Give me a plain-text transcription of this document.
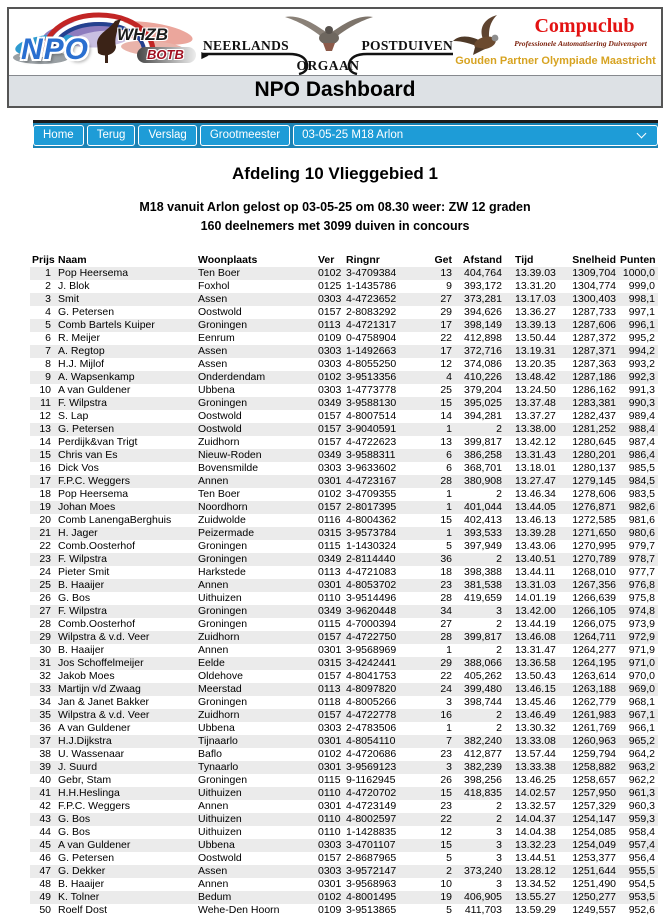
NPO WHZB
BOTB	►
NEERLANDS	POSTDUIVEN
ORGAAN
Compuclub
Professionele Automatisering Duivensport
Gouden Partner Olympiade Maastricht
NPO Dashboard
Home	Terug	Verslag	Grootmeester	03-05-25 M18 Arlon
Afdeling 10 Vlieggebied 1
M18 vanuit Arlon gelost op 03-05-25 om 08.30 weer: ZW 12 graden
160 deelnemers met 3099 duiven in concours
Prijs	Naam	Woonplaats	Ver	Ringnr	Get	Afstand	Tijd	Snelheid	Punten
1	Pop Heersema	Ten Boer	0102	3-4709384	13	404,764	13.39.03	1309,704	1000,0
2	J. Blok	Foxhol	0125	1-1435786	9	393,172	13.31.20	1304,774	999,0
3	Smit	Assen	0303	4-4723652	27	373,281	13.17.03	1300,403	998,1
4	G. Petersen	Oostwold	0157	2-8083292	29	394,626	13.36.27	1287,733	997,1
5	Comb Bartels Kuiper	Groningen	0113	4-4721317	17	398,149	13.39.13	1287,606	996,1
6	R. Meijer	Eenrum	0109	0-4758904	22	412,898	13.50.44	1287,372	995,2
7	A. Regtop	Assen	0303	1-1492663	17	372,716	13.19.31	1287,371	994,2
8	H.J. Mijlof	Assen	0303	4-8055250	12	374,086	13.20.35	1287,363	993,2
9	A. Wapsenkamp	Onderdendam	0102	3-9513356	4	410,226	13.48.42	1287,186	992,3
10	A van Guldener	Ubbena	0303	1-4773778	25	379,204	13.24.50	1286,162	991,3
11	F. Wilpstra	Groningen	0349	3-9588130	15	395,025	13.37.48	1283,381	990,3
12	S. Lap	Oostwold	0157	4-8007514	14	394,281	13.37.27	1282,437	989,4
13	G. Petersen	Oostwold	0157	3-9040591	1	2	13.38.00	1281,252	988,4
14	Perdijk&van Trigt	Zuidhorn	0157	4-4722623	13	399,817	13.42.12	1280,645	987,4
15	Chris van Es	Nieuw-Roden	0349	3-9588311	6	386,258	13.31.43	1280,201	986,4
16	Dick Vos	Bovensmilde	0303	3-9633602	6	368,701	13.18.01	1280,137	985,5
17	F.P.C. Weggers	Annen	0301	4-4723167	28	380,908	13.27.47	1279,145	984,5
18	Pop Heersema	Ten Boer	0102	3-4709355	1	2	13.46.34	1278,606	983,5
19	Johan Moes	Noordhorn	0157	2-8017395	1	401,044	13.44.05	1276,871	982,6
20	Comb LanengaBerghuis	Zuidwolde	0116	4-8004362	15	402,413	13.46.13	1272,585	981,6
21	H. Jager	Peizermade	0315	3-9573784	1	393,533	13.39.28	1271,650	980,6
22	Comb.Oosterhof	Groningen	0115	1-1430324	5	397,949	13.43.06	1270,995	979,7
23	F. Wilpstra	Groningen	0349	2-8114440	36	2	13.40.51	1270,789	978,7
24	Pieter Smit	Harkstede	0113	4-4721083	18	398,388	13.44.11	1268,010	977,7
25	B. Haaijer	Annen	0301	4-8053702	23	381,538	13.31.03	1267,356	976,8
26	G. Bos	Uithuizen	0110	3-9514496	28	419,659	14.01.19	1266,639	975,8
27	F. Wilpstra	Groningen	0349	3-9620448	34	3	13.42.00	1266,105	974,8
28	Comb.Oosterhof	Groningen	0115	4-7000394	27	2	13.44.19	1266,075	973,9
29	Wilpstra & v.d. Veer	Zuidhorn	0157	4-4722750	28	399,817	13.46.08	1264,711	972,9
30	B. Haaijer	Annen	0301	3-9568969	1	2	13.31.47	1264,277	971,9
31	Jos Schoffelmeijer	Eelde	0315	3-4242441	29	388,066	13.36.58	1264,195	971,0
32	Jakob Moes	Oldehove	0157	4-8041753	22	405,262	13.50.43	1263,614	970,0
33	Martijn v/d Zwaag	Meerstad	0113	4-8097820	24	399,480	13.46.15	1263,188	969,0
34	Jan & Janet Bakker	Groningen	0118	4-8005266	3	398,744	13.45.46	1262,779	968,1
35	Wilpstra & v.d. Veer	Zuidhorn	0157	4-4722778	16	2	13.46.49	1261,983	967,1
36	A van Guldener	Ubbena	0303	2-4783506	1	2	13.30.32	1261,769	966,1
37	H.J.Dijkstra	Tijnaarlo	0301	4-8054110	7	382,240	13.33.08	1260,963	965,2
38	U. Wassenaar	Baflo	0102	4-4720686	23	412,877	13.57.44	1259,794	964,2
39	J. Suurd	Tynaarlo	0301	3-9569123	3	382,239	13.33.38	1258,882	963,2
40	Gebr, Stam	Groningen	0115	9-1162945	26	398,256	13.46.25	1258,657	962,2
41	H.H.Heslinga	Uithuizen	0110	4-4720702	15	418,835	14.02.57	1257,950	961,3
42	F.P.C. Weggers	Annen	0301	4-4723149	23	2	13.32.57	1257,329	960,3
43	G. Bos	Uithuizen	0110	4-8002597	22	2	14.04.37	1254,147	959,3
44	G. Bos	Uithuizen	0110	1-1428835	12	3	14.04.38	1254,085	958,4
45	A van Guldener	Ubbena	0303	3-4701107	15	3	13.32.23	1254,049	957,4
46	G. Petersen	Oostwold	0157	2-8687965	5	3	13.44.51	1253,377	956,4
47	G. Dekker	Assen	0303	3-9572147	2	373,240	13.28.12	1251,644	955,5
48	B. Haaijer	Annen	0301	3-9568963	10	3	13.34.52	1251,490	954,5
49	K. Tolner	Bedum	0102	4-8001495	19	406,905	13.55.27	1250,277	953,5
50	Roelf Dost	Wehe-Den Hoorn	0109	3-9513865	5	411,703	13.59.29	1249,557	952,6
